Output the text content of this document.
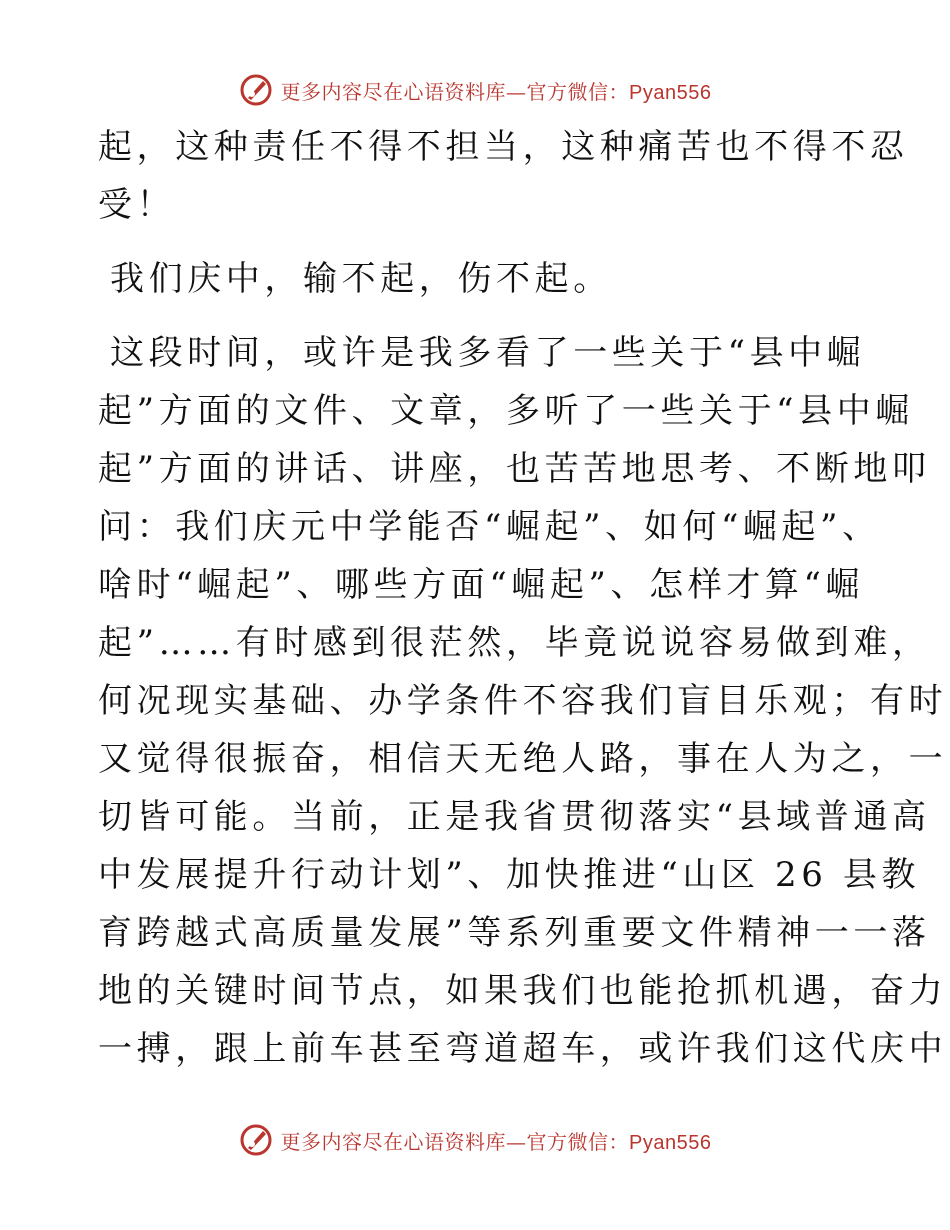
更多内容尽在心语资料库—官方微信：Pyan556
起，这种责任不得不担当，这种痛苦也不得不忍
受！
我们庆中，输不起，伤不起。
这段时间，或许是我多看了一些关于“县中崛
起”方面的文件、文章，多听了一些关于“县中崛
起”方面的讲话、讲座，也苦苦地思考、不断地叩
问：我们庆元中学能否“崛起”、如何“崛起”、
啥时“崛起”、哪些方面“崛起”、怎样才算“崛
起”……有时感到很茫然，毕竟说说容易做到难，
何况现实基础、办学条件不容我们盲目乐观；有时
又觉得很振奋，相信天无绝人路，事在人为之，一
切皆可能。当前，正是我省贯彻落实“县域普通高
中发展提升行动计划”、加快推进“山区 26 县教
育跨越式高质量发展”等系列重要文件精神一一落
地的关键时间节点，如果我们也能抢抓机遇，奋力
一搏，跟上前车甚至弯道超车，或许我们这代庆中
更多内容尽在心语资料库—官方微信：Pyan556
